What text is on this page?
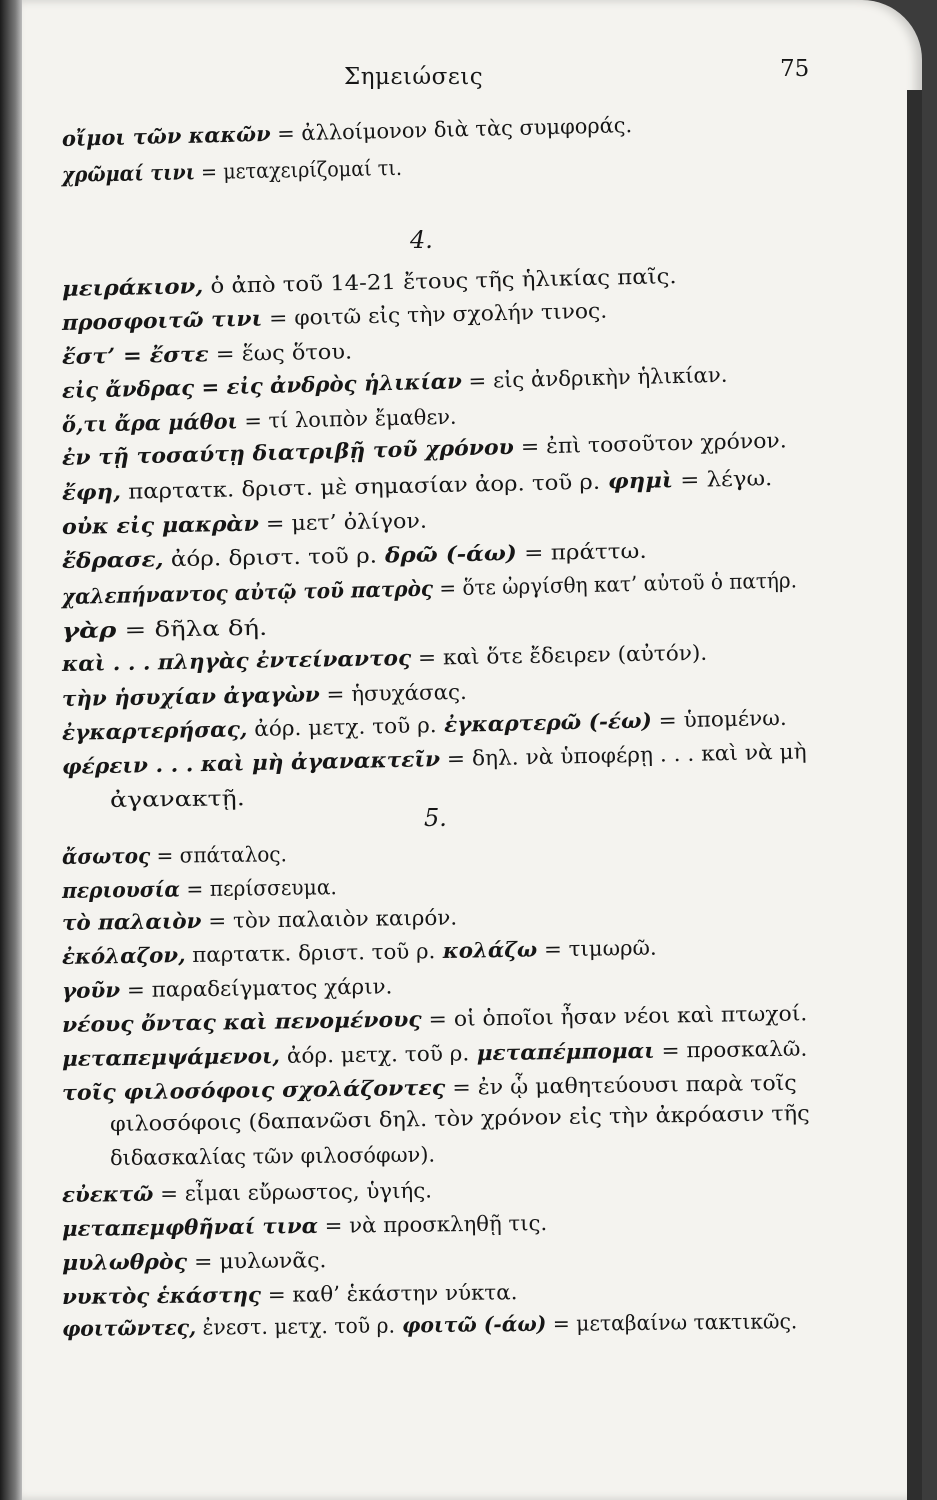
Σημειώσεις	75
4.
5.
οἴμοι τῶν κακῶν = ἀλλοίμονον διὰ τὰς συμφοράς.
χρῶμαί τινι = μεταχειρίζομαί τι.
μειράκιον, ὁ ἀπὸ τοῦ 14-21 ἔτους τῆς ἡλικίας παῖς.
προσφοιτῶ τινι = φοιτῶ εἰς τὴν σχολήν τινος.
ἔστ’ = ἔστε = ἕως ὅτου.
εἰς ἄνδρας = εἰς ἀνδρὸς ἡλικίαν = εἰς ἀνδρικὴν ἡλικίαν.
ὅ,τι ἄρα μάθοι = τί λοιπὸν ἔμαθεν.
ἐν τῇ τοσαύτῃ διατριβῇ τοῦ χρόνου = ἐπὶ τοσοῦτον χρόνον.
ἔφη, παρτατκ. δριστ. μὲ σημασίαν ἀορ. τοῦ ρ. φημὶ = λέγω.
οὐκ εἰς μακρὰν = μετ’ ὀλίγον.
ἔδρασε, ἀόρ. δριστ. τοῦ ρ. δρῶ (-άω) = πράττω.
χαλεπήναντος αὐτῷ τοῦ πατρὸς = ὅτε ὠργίσθη κατ’ αὐτοῦ ὁ πατήρ.
γὰρ = δῆλα δή.
καὶ . . . πληγὰς ἐντείναντος = καὶ ὅτε ἔδειρεν (αὐτόν).
τὴν ἡσυχίαν ἀγαγὼν = ἡσυχάσας.
ἐγκαρτερήσας, ἀόρ. μετχ. τοῦ ρ. ἐγκαρτερῶ (-έω) = ὑπομένω.
φέρειν . . . καὶ μὴ ἀγανακτεῖν = δηλ. νὰ ὑποφέρῃ . . . καὶ νὰ μὴ
ἀγανακτῇ.
ἄσωτος = σπάταλος.
περιουσία = περίσσευμα.
τὸ παλαιὸν = τὸν παλαιὸν καιρόν.
ἐκόλαζον, παρτατκ. δριστ. τοῦ ρ. κολάζω = τιμωρῶ.
γοῦν = παραδείγματος χάριν.
νέους ὄντας καὶ πενομένους = οἱ ὁποῖοι ἦσαν νέοι καὶ πτωχοί.
μεταπεμψάμενοι, ἀόρ. μετχ. τοῦ ρ. μεταπέμπομαι = προσκαλῶ.
τοῖς φιλοσόφοις σχολάζοντες = ἐν ᾧ μαθητεύουσι παρὰ τοῖς
φιλοσόφοις (δαπανῶσι δηλ. τὸν χρόνον εἰς τὴν ἀκρόασιν τῆς
διδασκαλίας τῶν φιλοσόφων).
εὐεκτῶ = εἶμαι εὔρωστος, ὑγιής.
μεταπεμφθῆναί τινα = νὰ προσκληθῇ τις.
μυλωθρὸς = μυλωνᾶς.
νυκτὸς ἑκάστης = καθ’ ἑκάστην νύκτα.
φοιτῶντες, ἐνεστ. μετχ. τοῦ ρ. φοιτῶ (-άω) = μεταβαίνω τακτικῶς.
